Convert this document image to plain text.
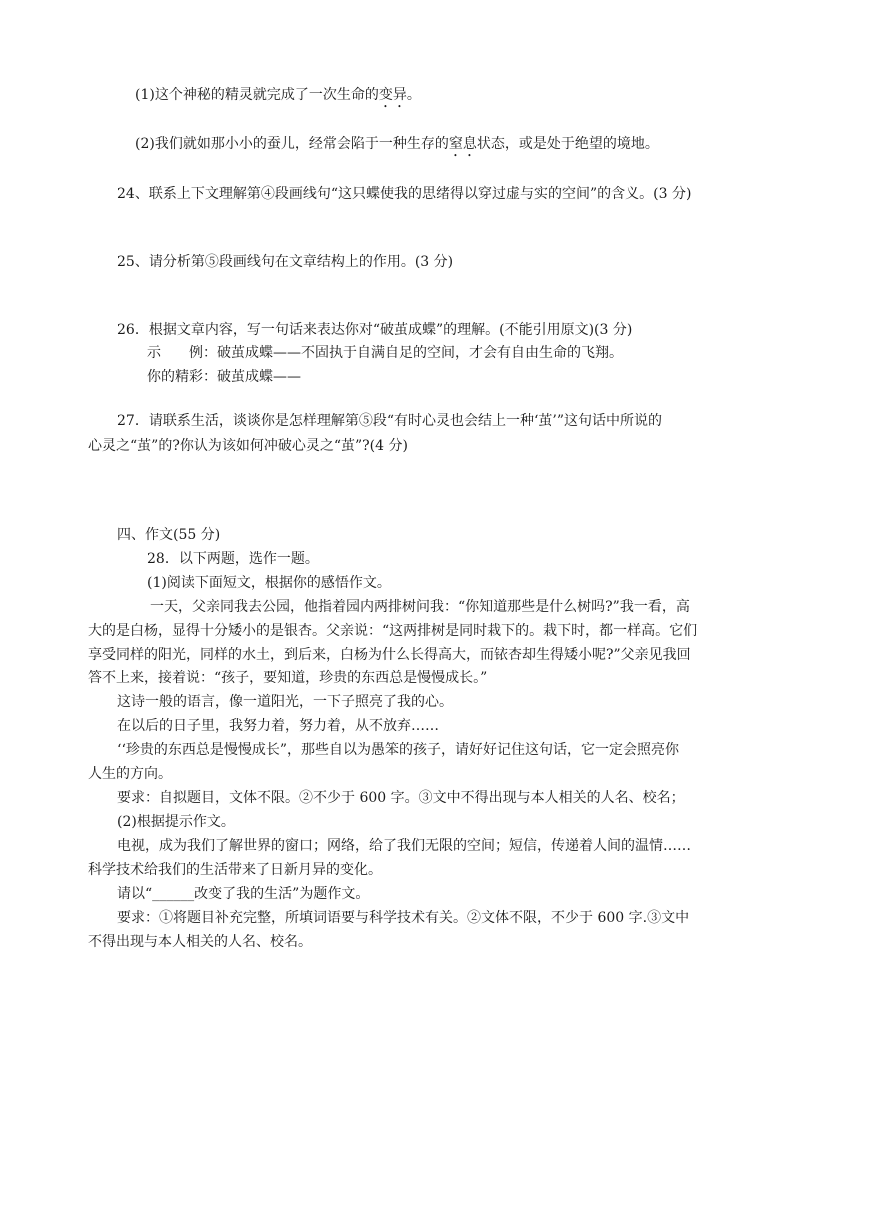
(1)这个神秘的精灵就完成了一次生命的变异。
(2)我们就如那小小的蚕儿，经常会陷于一种生存的窒息状态，或是处于绝望的境地。
24、联系上下文理解第④段画线句“这只蝶使我的思绪得以穿过虚与实的空间”的含义。(3 分)
25、请分析第⑤段画线句在文章结构上的作用。(3 分)
26．根据文章内容，写一句话来表达你对“破茧成蝶”的理解。(不能引用原文)(3 分)
示　　例：破茧成蝶——不固执于自满自足的空间，才会有自由生命的飞翔。
你的精彩：破茧成蝶——
27．请联系生活，谈谈你是怎样理解第⑤段“有时心灵也会结上一种‘茧’”这句话中所说的
心灵之“茧”的?你认为该如何冲破心灵之“茧”?(4 分)
四、作文(55 分)
28．以下两题，选作一题。
(1)阅读下面短文，根据你的感悟作文。
一天，父亲同我去公园，他指着园内两排树问我：“你知道那些是什么树吗?”我一看，高
大的是白杨，显得十分矮小的是银杏。父亲说：“这两排树是同时栽下的。栽下时，都一样高。它们
享受同样的阳光，同样的水土，到后来，白杨为什么长得高大，而铱杏却生得矮小呢?”父亲见我回
答不上来，接着说：“孩子，要知道，珍贵的东西总是慢慢成长。”
这诗一般的语言，像一道阳光，一下子照亮了我的心。
在以后的日子里，我努力着，努力着，从不放弃……
‘‘珍贵的东西总是慢慢成长”，那些自以为愚笨的孩子，请好好记住这句话，它一定会照亮你
人生的方向。
要求：自拟题目，文体不限。②不少于 600 字。③文中不得出现与本人相关的人名、校名；
(2)根据提示作文。
电视，成为我们了解世界的窗口；网络，给了我们无限的空间；短信，传递着人间的温情……
科学技术给我们的生活带来了日新月异的变化。
请以“______改变了我的生活”为题作文。
要求：①将题目补充完整，所填词语要与科学技术有关。②文体不限，不少于 600 字.③文中
不得出现与本人相关的人名、校名。
